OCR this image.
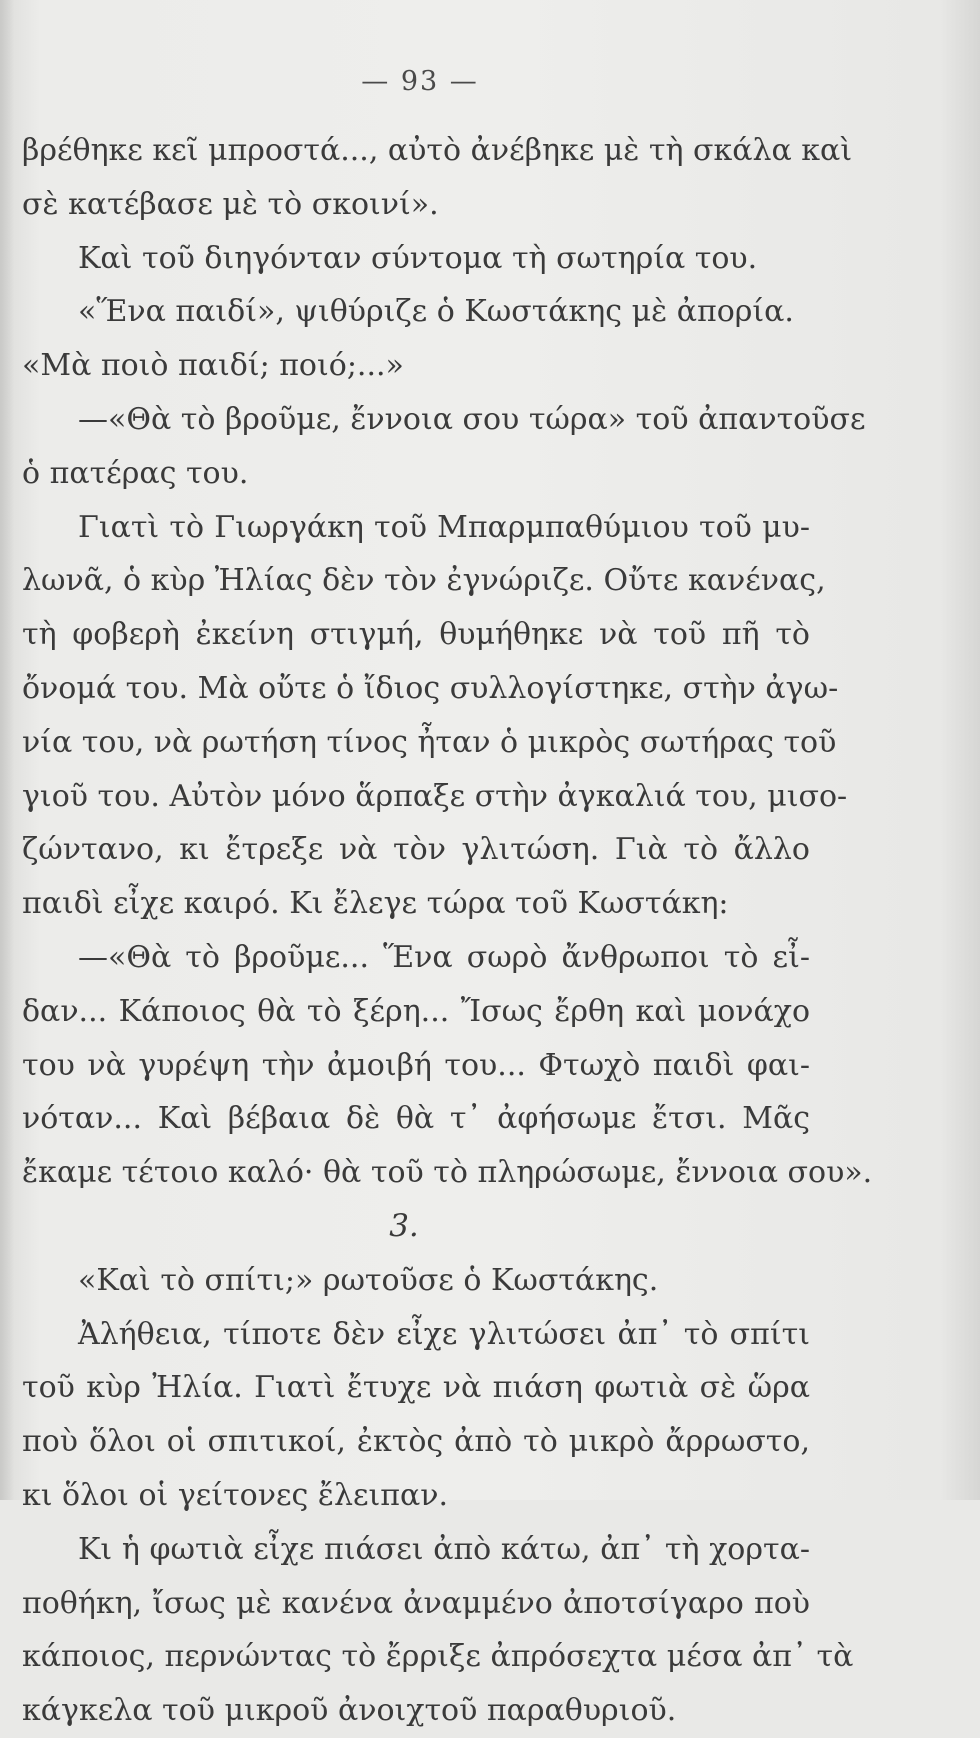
— 93 —
βρέθηκε κεῖ μπροστά..., αὐτὸ ἀνέβηκε μὲ τὴ σκάλα καὶ
σὲ κατέβασε μὲ τὸ σκοινί».
Καὶ τοῦ διηγόνταν σύντομα τὴ σωτηρία του.
«Ἕνα παιδί», ψιθύριζε ὁ Κωστάκης μὲ ἀπορία.
«Μὰ ποιὸ παιδί; ποιό;...»
—«Θὰ τὸ βροῦμε, ἔννοια σου τώρα» τοῦ ἀπαντοῦσε
ὁ πατέρας του.
Γιατὶ τὸ Γιωργάκη τοῦ Μπαρμπαθύμιου τοῦ μυ-
λωνᾶ, ὁ κὺρ Ἠλίας δὲν τὸν ἐγνώριζε. Οὔτε κανένας,
τὴ φοβερὴ ἐκείνη στιγμή, θυμήθηκε νὰ τοῦ πῆ τὸ
ὄνομά του. Μὰ οὔτε ὁ ἴδιος συλλογίστηκε, στὴν ἀγω-
νία του, νὰ ρωτήση τίνος ἦταν ὁ μικρὸς σωτήρας τοῦ
γιοῦ του. Αὐτὸν μόνο ἅρπαξε στὴν ἀγκαλιά του, μισο-
ζώντανο, κι ἔτρεξε νὰ τὸν γλιτώση. Γιὰ τὸ ἄλλο
παιδὶ εἶχε καιρό. Κι ἔλεγε τώρα τοῦ Κωστάκη:
—«Θὰ τὸ βροῦμε... Ἕνα σωρὸ ἄνθρωποι τὸ εἶ-
δαν... Κάποιος θὰ τὸ ξέρη... Ἴσως ἔρθη καὶ μονάχο
του νὰ γυρέψη τὴν ἀμοιβή του... Φτωχὸ παιδὶ φαι-
νόταν... Καὶ βέβαια δὲ θὰ τ᾿ ἀφήσωμε ἔτσι. Μᾶς
ἔκαμε τέτοιο καλό· θὰ τοῦ τὸ πληρώσωμε, ἔννοια σου».
3.
«Καὶ τὸ σπίτι;» ρωτοῦσε ὁ Κωστάκης.
Ἀλήθεια, τίποτε δὲν εἶχε γλιτώσει ἀπ᾿ τὸ σπίτι
τοῦ κὺρ Ἠλία. Γιατὶ ἔτυχε νὰ πιάση φωτιὰ σὲ ὥρα
ποὺ ὅλοι οἱ σπιτικοί, ἐκτὸς ἀπὸ τὸ μικρὸ ἄρρωστο,
κι ὅλοι οἱ γείτονες ἔλειπαν.
Κι ἡ φωτιὰ εἶχε πιάσει ἀπὸ κάτω, ἀπ᾿ τὴ χορτα-
ποθήκη, ἴσως μὲ κανένα ἀναμμένο ἀποτσίγαρο ποὺ
κάποιος, περνώντας τὸ ἔρριξε ἀπρόσεχτα μέσα ἀπ᾿ τὰ
κάγκελα τοῦ μικροῦ ἀνοιχτοῦ παραθυριοῦ.
